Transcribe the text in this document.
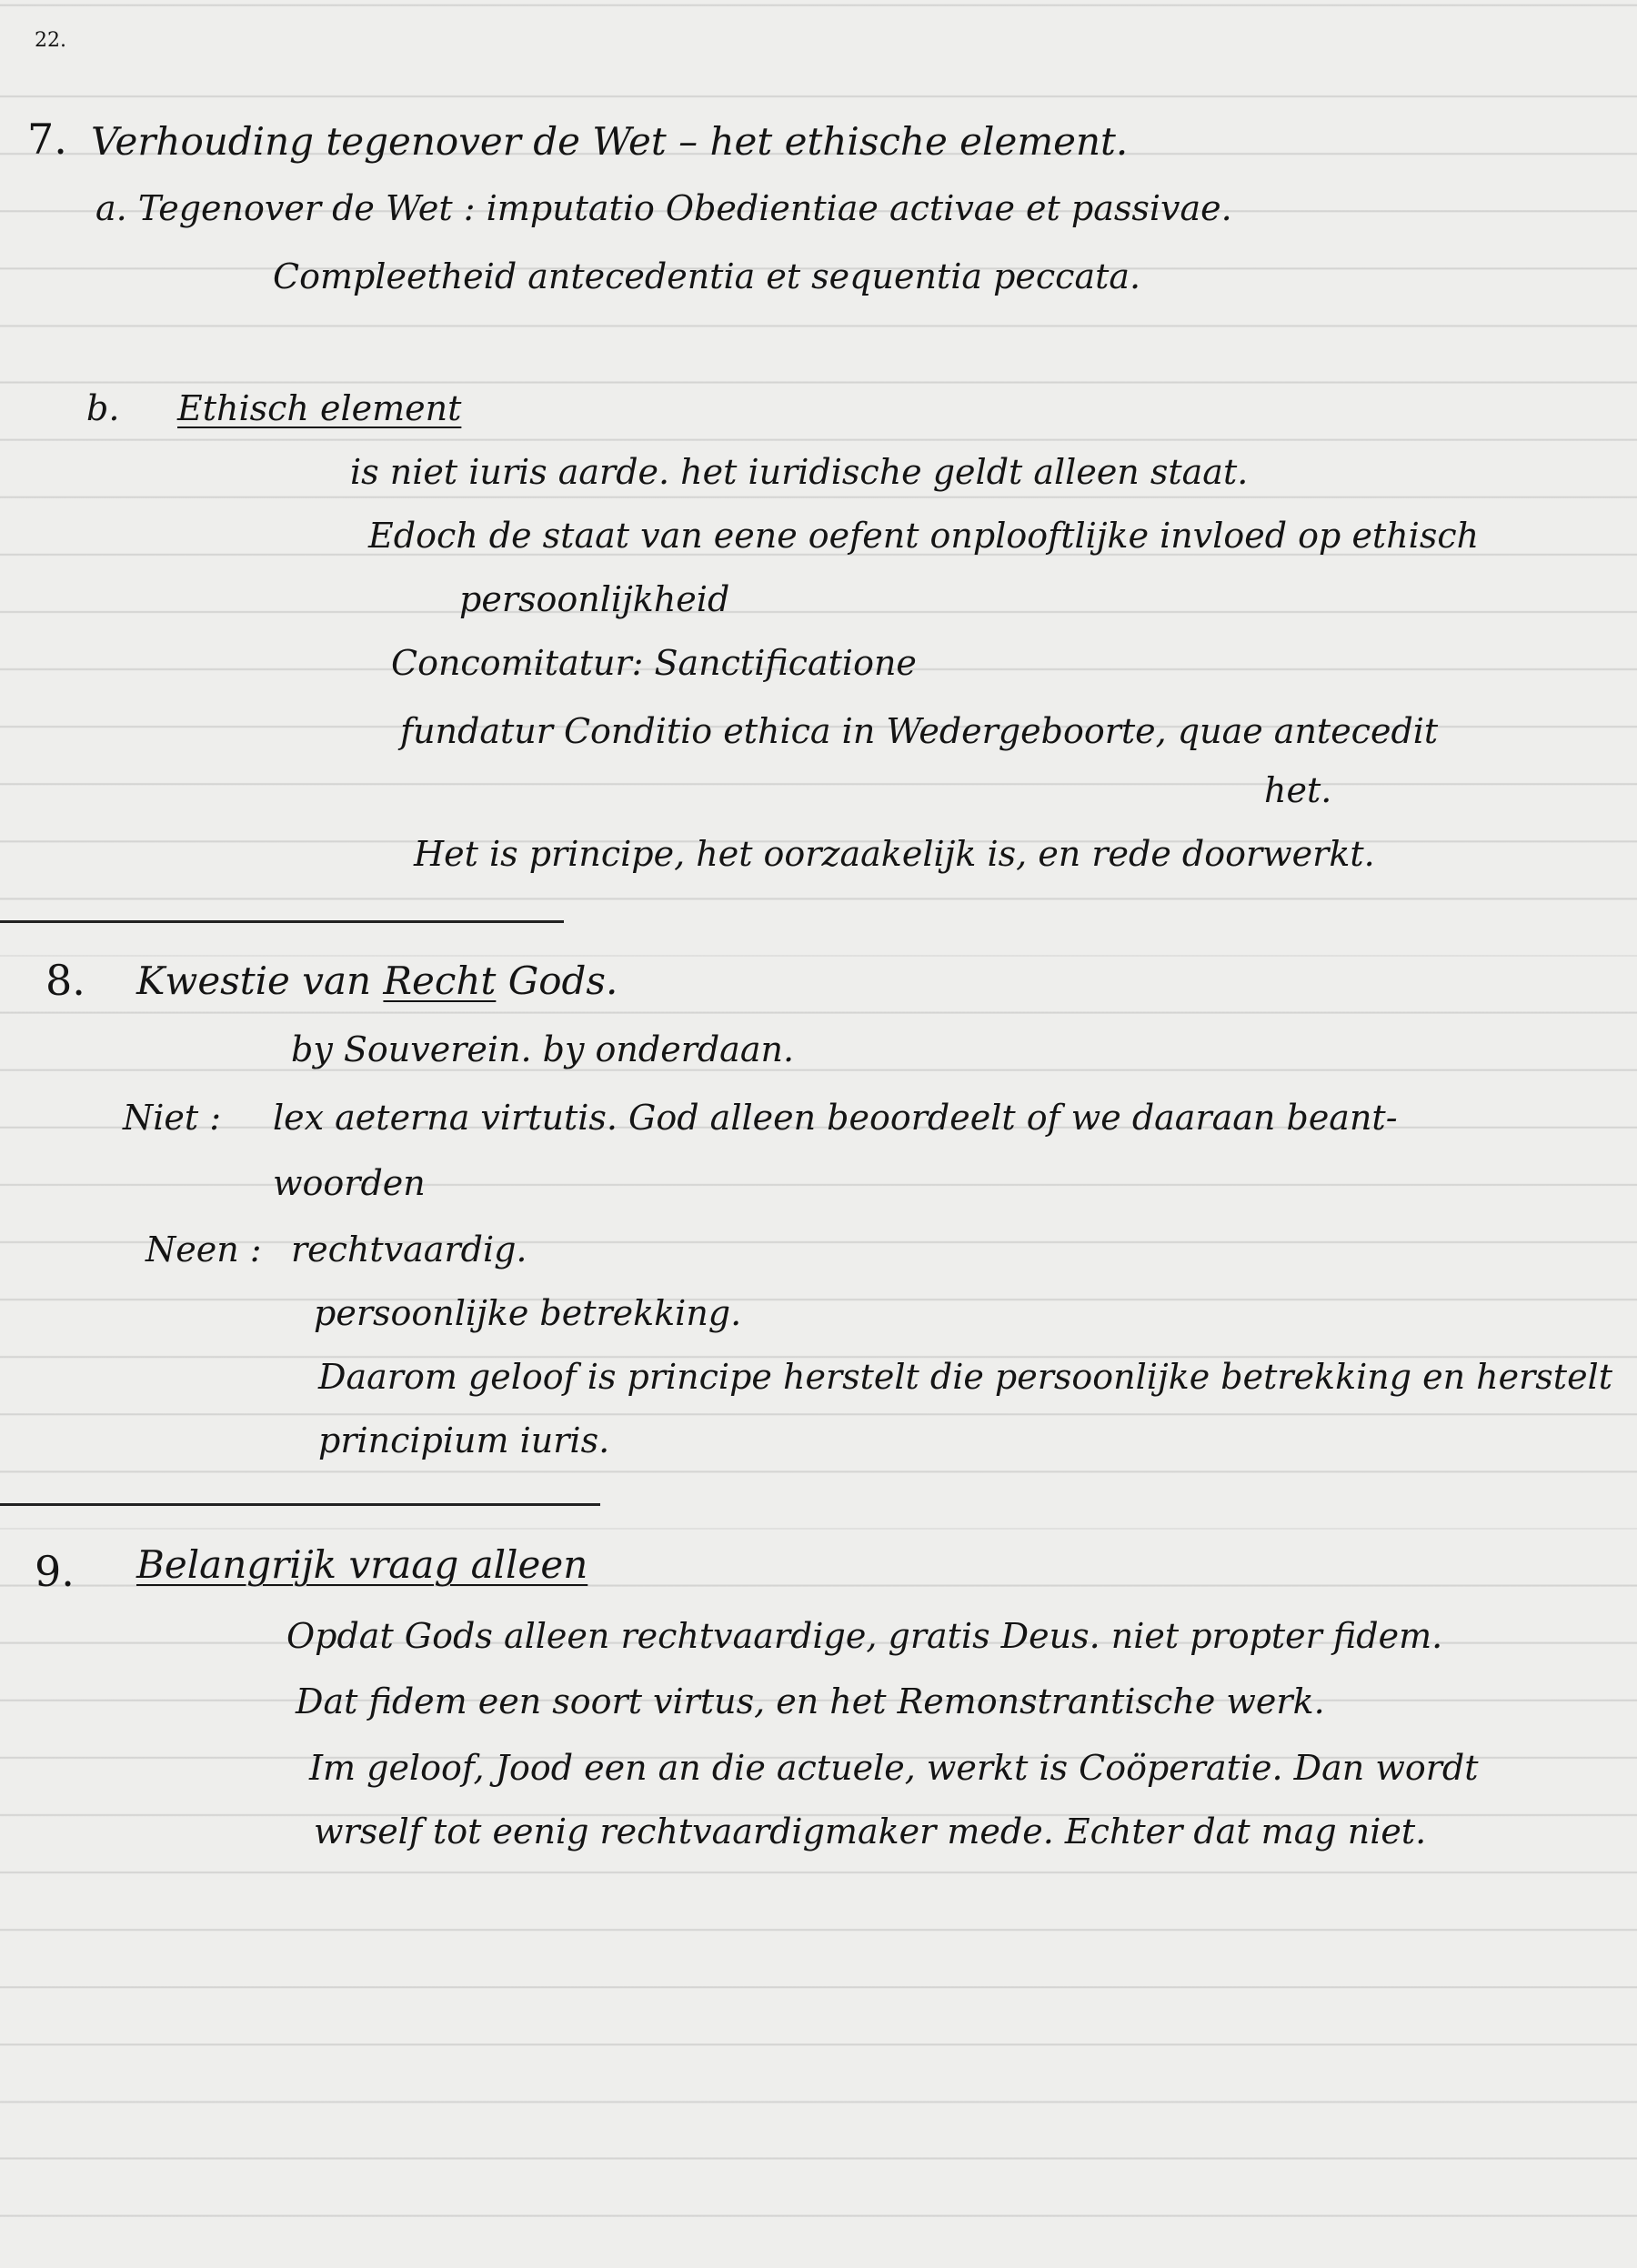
22.
7. Verhouding tegenover de Wet – het ethische element.
a. Tegenover de Wet : imputatio Obedientiae activae et passivae.
Compleetheid antecedentia et sequentia peccata.
b. Ethisch element
is niet iuris aarde. het iuridische geldt alleen staat.
Edoch de staat van eene oefent onplooftlijke invloed op ethisch
persoonlijkheid
Concomitatur: Sanctificatione
fundatur Conditio ethica in Wedergeboorte, quae antecedit
het.
Het is principe, het oorzaakelijk is, en rede doorwerkt.
8. Kwestie van Recht Gods.
by Souverein. by onderdaan.
Niet : lex aeterna virtutis. God alleen beoordeelt of we daaraan beant-
woorden
Neen : rechtvaardig.
persoonlijke betrekking.
Daarom geloof is principe herstelt die persoonlijke betrekking en herstelt
principium iuris.
9. Belangrijk vraag alleen
Opdat Gods alleen rechtvaardige, gratis Deus. niet propter fidem.
Dat fidem een soort virtus, en het Remonstrantische werk.
Im geloof, Jood een an die actuele, werkt is Coöperatie. Dan wordt
wrself tot eenig rechtvaardigmaker mede. Echter dat mag niet.
